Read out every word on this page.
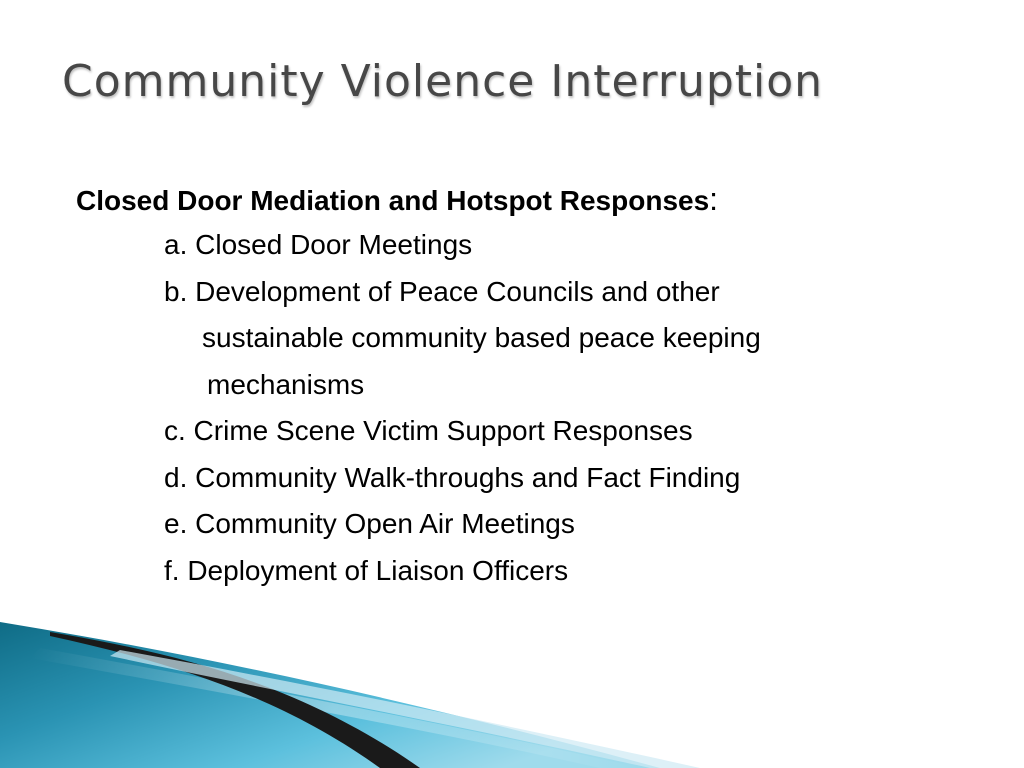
Community Violence Interruption
Closed Door Mediation and Hotspot Responses:
a. Closed Door Meetings
b. Development of Peace Councils and other
sustainable community based peace keeping
mechanisms
c. Crime Scene Victim Support Responses
d. Community Walk-throughs and Fact Finding
e. Community Open Air Meetings
f. Deployment of Liaison Officers
